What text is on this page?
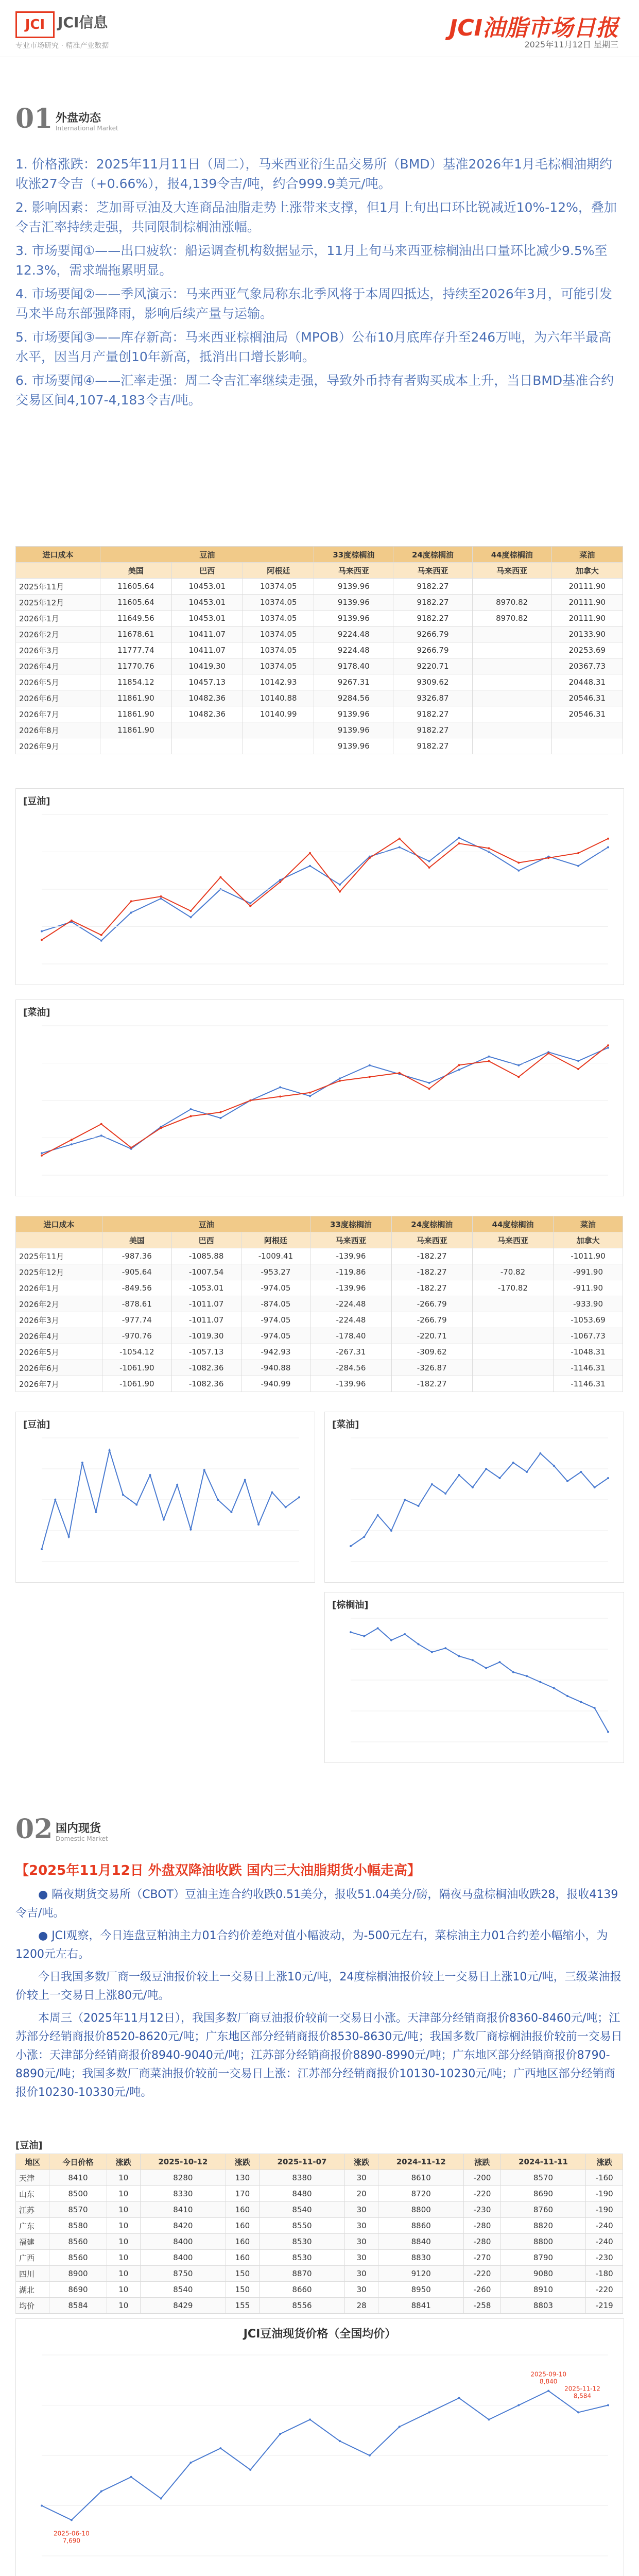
JCI JCI信息
专业市场研究 · 精准产业数据
JCI油脂市场日报
2025年11月12日 星期三
01 外盘动态
International Market
1. 价格涨跌：2025年11月11日（周二），马来西亚衍生品交易所（BMD）基准2026年1月毛棕榈油期约收涨27令吉（+0.66%），报4,139令吉/吨，约合999.9美元/吨。
2. 影响因素：芝加哥豆油及大连商品油脂走势上涨带来支撑，但1月上旬出口环比锐减近10%-12%，叠加令吉汇率持续走强，共同限制棕榈油涨幅。
3. 市场要闻①——出口疲软：船运调查机构数据显示，11月上旬马来西亚棕榈油出口量环比减少9.5%至12.3%，需求端拖累明显。
4. 市场要闻②——季风演示：马来西亚气象局称东北季风将于本周四抵达，持续至2026年3月，可能引发马来半岛东部强降雨，影响后续产量与运输。
5. 市场要闻③——库存新高：马来西亚棕榈油局（MPOB）公布10月底库存升至246万吨，为六年半最高水平，因当月产量创10年新高，抵消出口增长影响。
6. 市场要闻④——汇率走强：周二令吉汇率继续走强，导致外币持有者购买成本上升，当日BMD基准合约交易区间4,107-4,183令吉/吨。
进口成本	豆油			33度棕榈油	24度棕榈油	44度棕榈油	菜油
	美国	巴西	阿根廷	马来西亚	马来西亚	马来西亚	加拿大
2025年11月	11605.64	10453.01	10374.05	9139.96	9182.27		20111.90
2025年12月	11605.64	10453.01	10374.05	9139.96	9182.27	8970.82	20111.90
2026年1月	11649.56	10453.01	10374.05	9139.96	9182.27	8970.82	20111.90
2026年2月	11678.61	10411.07	10374.05	9224.48	9266.79		20133.90
2026年3月	11777.74	10411.07	10374.05	9224.48	9266.79		20253.69
2026年4月	11770.76	10419.30	10374.05	9178.40	9220.71		20367.73
2026年5月	11854.12	10457.13	10142.93	9267.31	9309.62		20448.31
2026年6月	11861.90	10482.36	10140.88	9284.56	9326.87		20546.31
2026年7月	11861.90	10482.36	10140.99	9139.96	9182.27		20546.31
2026年8月	11861.90			9139.96	9182.27		
2026年9月				9139.96	9182.27		
[ 豆油 ]
[ 菜油 ]
进口成本	豆油			33度棕榈油	24度棕榈油	44度棕榈油	菜油
	美国	巴西	阿根廷	马来西亚	马来西亚	马来西亚	加拿大
2025年11月	-987.36	-1085.88	-1009.41	-139.96	-182.27		-1011.90
2025年12月	-905.64	-1007.54	-953.27	-119.86	-182.27	-70.82	-991.90
2026年1月	-849.56	-1053.01	-974.05	-139.96	-182.27	-170.82	-911.90
2026年2月	-878.61	-1011.07	-874.05	-224.48	-266.79		-933.90
2026年3月	-977.74	-1011.07	-974.05	-224.48	-266.79		-1053.69
2026年4月	-970.76	-1019.30	-974.05	-178.40	-220.71		-1067.73
2026年5月	-1054.12	-1057.13	-942.93	-267.31	-309.62		-1048.31
2026年6月	-1061.90	-1082.36	-940.88	-284.56	-326.87		-1146.31
2026年7月	-1061.90	-1082.36	-940.99	-139.96	-182.27		-1146.31
[ 豆油 ]	[ 菜油 ]
[ 棕榈油 ]
02 国内现货
Domestic Market
【2025年11月12日 外盘双降油收跌 国内三大油脂期货小幅走高】
● 隔夜期货交易所（CBOT）豆油主连合约收跌0.51美分，报收51.04美分/磅，隔夜马盘棕榈油收跌28，报收4139令吉/吨。
● JCI观察，今日连盘豆粕油主力01合约价差绝对值小幅波动，为-500元左右，菜棕油主力01合约差小幅缩小，为1200元左右。
今日我国多数厂商一级豆油报价较上一交易日上涨10元/吨，24度棕榈油报价较上一交易日上涨10元/吨，三级菜油报价较上一交易日上涨80元/吨。
本周三（2025年11月12日），我国多数厂商豆油报价较前一交易日小涨。天津部分经销商报价8360-8460元/吨；江苏部分经销商报价8520-8620元/吨；广东地区部分经销商报价8530-8630元/吨；我国多数厂商棕榈油报价较前一交易日小涨：天津部分经销商报价8940-9040元/吨；江苏部分经销商报价8890-8990元/吨；广东地区部分经销商报价8790-8890元/吨；我国多数厂商菜油报价较前一交易日上涨：江苏部分经销商报价10130-10230元/吨；广西地区部分经销商报价10230-10330元/吨。
[ 豆油 ]
地区	今日价格	涨跌	2025-10-12	涨跌	2025-11-07	涨跌	2024-11-12	涨跌	2024-11-11	涨跌
天津	8410	10	8280	130	8380	30	8610	-200	8570	-160
山东	8500	10	8330	170	8480	20	8720	-220	8690	-190
江苏	8570	10	8410	160	8540	30	8800	-230	8760	-190
广东	8580	10	8420	160	8550	30	8860	-280	8820	-240
福建	8560	10	8400	160	8530	30	8840	-280	8800	-240
广西	8560	10	8400	160	8530	30	8830	-270	8790	-230
四川	8900	10	8750	150	8870	30	9120	-220	9080	-180
湖北	8690	10	8540	150	8660	30	8950	-260	8910	-220
均价	8584	10	8429	155	8556	28	8841	-258	8803	-219
JCI豆油现货价格（全国均价）
2025-09-10
8,840
2025-06-10
7,690
2025-11-12
8,584
